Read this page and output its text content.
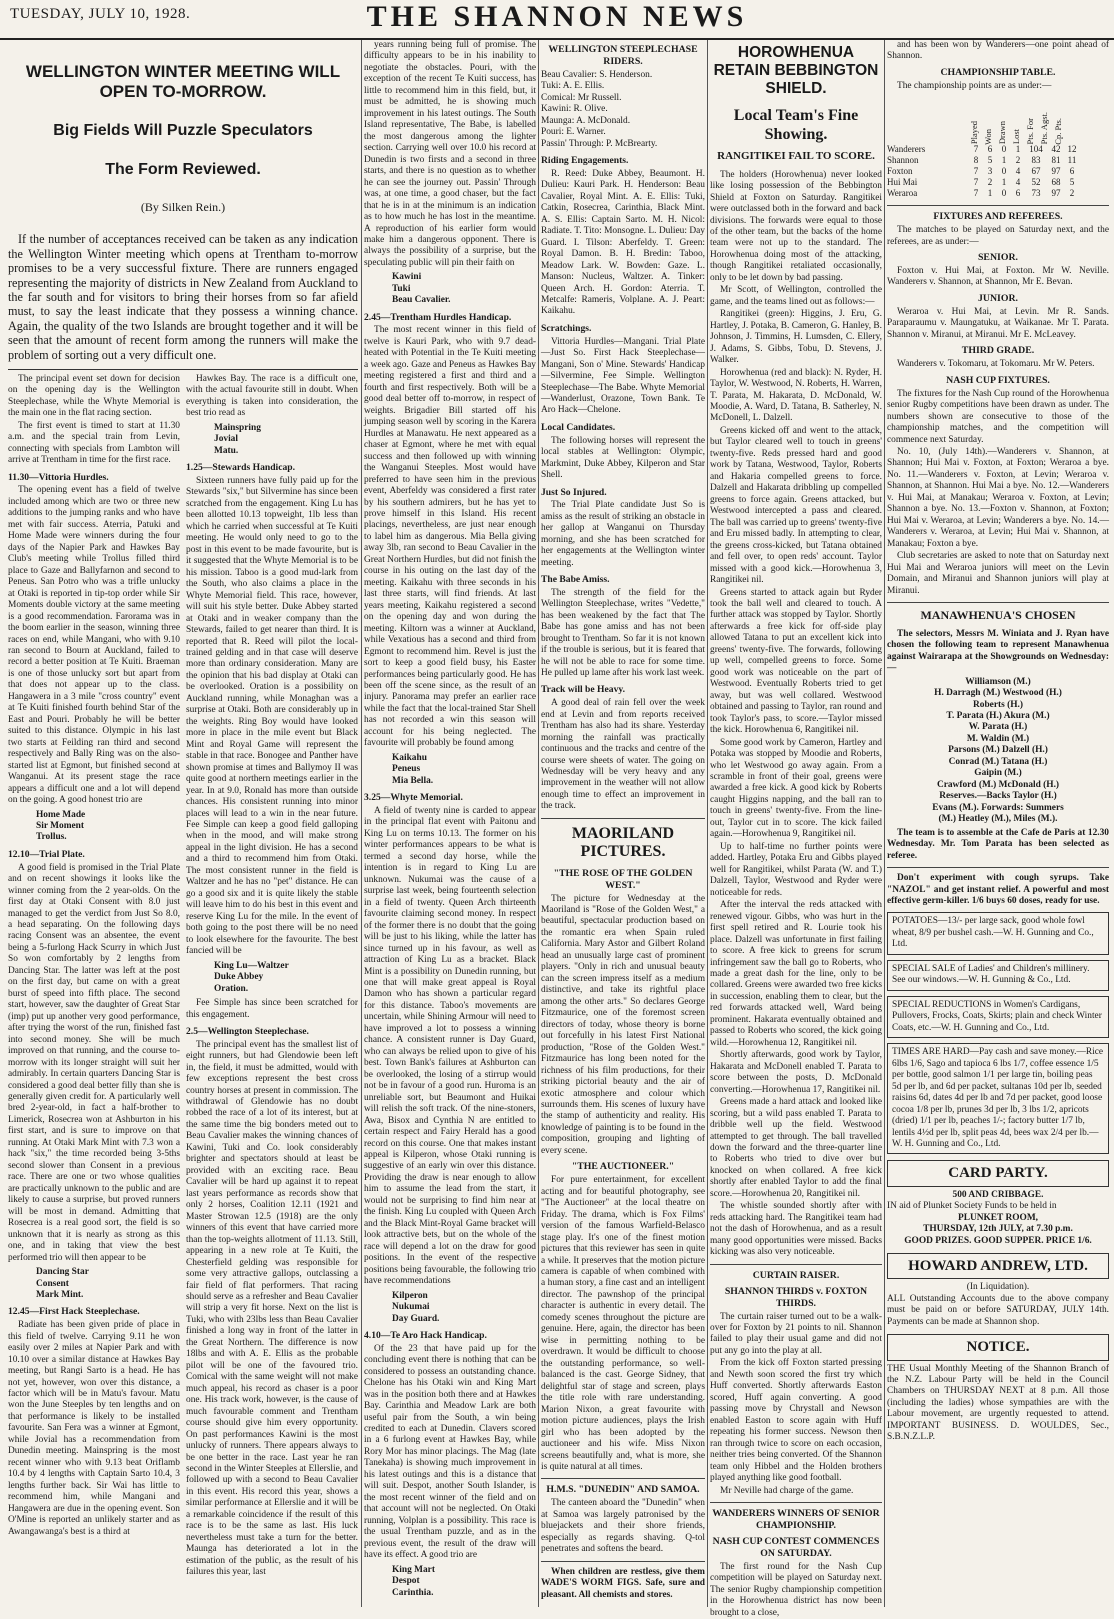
TUESDAY, JULY 10, 1928.	THE SHANNON NEWS
WELLINGTON WINTER MEETING WILL OPEN TO-MORROW.
Big Fields Will Puzzle Speculators
The Form Reviewed.
(By Silken Rein.)

If the number of acceptances received can be taken as any indication the Wellington Winter meeting which opens at Trentham to-morrow promises to be a very successful fixture. There are runners engaged representing the majority of districts in New Zealand from Auckland to the far south and for visitors to bring their horses from so far afield must, to say the least indicate that they possess a winning chance. Again, the quality of the two Islands are brought together and it will be seen that the amount of recent form among the runners will make the problem of sorting out a very difficult one.

The principal event set down for decision on the opening day is the Wellington Steeplechase, while the Whyte Memorial is the main one in the flat racing section.

The first event is timed to start at 11.30 a.m. and the special train from Levin, connecting with specials from Lambton will arrive at Trentham in time for the first race.

11.30—Vittoria Hurdles.

The opening event has a field of twelve included among which are two or three new additions to the jumping ranks and who have met with fair success. Aterria, Patuki and Home Made were winners during the four days of the Napier Park and Hawkes Bay Club's meeting while Trollus filled third place to Gaze and Ballyfarnon and second to Peneus. San Potro who was a trifle unlucky at Otaki is reported in tip-top order while Sir Moments double victory at the same meeting is a good recommendation. Farorama was in the boom earlier in the season, winning three races on end, while Mangani, who with 9.10 ran second to Bourn at Auckland, failed to record a better position at Te Kuiti. Braeman is one of those unlucky sort but apart from that does not appear up to the class. Hangawera in a 3 mile "cross country" event at Te Kuiti finished fourth behind Star of the East and Pouri. Probably he will be better suited to this distance. Olympic in his last two starts at Feilding ran third and second respectively and Bally Ring was on the also-started list at Egmont, but finished second at Wanganui. At its present stage the race appears a difficult one and a lot will depend on the going. A good honest trio are

Home Made
Sir Moment
Trollus.
12.10—Trial Plate.

A good field is promised in the Trial Plate and on recent showings it looks like the winner coming from the 2 year-olds. On the first day at Otaki Consent with 8.0 just managed to get the verdict from Just So 8.0, a head separating. On the following days racing Consent was an absentee, the event being a 5-furlong Hack Scurry in which Just So won comfortably by 2 lengths from Dancing Star. The latter was left at the post on the first day, but came on with a great burst of speed into fifth place. The second start, however, saw the daughter of Great Star (imp) put up another very good performance, after trying the worst of the run, finished fast into second money. She will be much improved on that running, and the course to-morrow with its longer straight will suit her admirably. In certain quarters Dancing Star is considered a good deal better filly than she is generally given credit for. A particularly well bred 2-year-old, in fact a half-brother to Limerick, Rosecrea won at Ashburton in his first start, and is sure to improve on that running. At Otaki Mark Mint with 7.3 won a hack "six," the time recorded being 3-5ths second slower than Consent in a previous race. There are one or two whose qualities are practically unknown to the public and are likely to cause a surprise, but proved runners will be most in demand. Admitting that Rosecrea is a real good sort, the field is so unknown that it is nearly as strong as this one, and in taking that view the best performed trio will then appear to be

Dancing Star
Consent
Mark Mint.
12.45—First Hack Steeplechase.

Radiate has been given pride of place in this field of twelve. Carrying 9.11 he won easily over 2 miles at Napier Park and with 10.10 over a similar distance at Hawkes Bay meeting, but Rangi Sarto is a head. He has not yet, however, won over this distance, a factor which will be in Matu's favour. Matu won the June Steeples by ten lengths and on that performance is likely to be installed favourite. San Fera was a winner at Egmont, while Jovial has a recommendation from Dunedin meeting. Mainspring is the most recent winner who with 9.13 beat Oriflamb 10.4 by 4 lengths with Captain Sarto 10.4, 3 lengths further back. Sir Wai has little to recommend him, while Mangani and Hangawera are due in the opening event. Son O'Mine is reported an unlikely starter and as Awangawanga's best is a third at

Hawkes Bay. The race is a difficult one, with the actual favourite still in doubt. When everything is taken into consideration, the best trio read as

Mainspring
Jovial
Matu.
1.25—Stewards Handicap.

Sixteen runners have fully paid up for the Stewards "six," but Silvermine has since been scratched from the engagement. King Lu has been allotted 10.13 topweight, 1lb less than which he carried when successful at Te Kuiti meeting. He would only need to go to the post in this event to be made favourite, but is it suggested that the Whyte Memorial is to be his mission. Taboo is a good mud-lark from the South, who also claims a place in the Whyte Memorial field. This race, however, will suit his style better. Duke Abbey started at Otaki and in weaker company than the Stewards, failed to get nearer than third. It is reported that R. Reed will pilot the local-trained gelding and in that case will deserve more than ordinary consideration. Many are the opinion that his bad display at Otaki can be overlooked. Oration is a possibility on Auckland running, while Monaghan was a surprise at Otaki. Both are considerably up in the weights. Ring Boy would have looked more in place in the mile event but Black Mint and Royal Game will represent the stable in that race. Bonogee and Panther have shown promise at times and Ballymoy II was quite good at northern meetings earlier in the year. In at 9.0, Ronald has more than outside chances. His consistent running into minor places will lead to a win in the near future. Fee Simple can keep a good field galloping when in the mood, and will make strong appeal in the light division. He has a second and a third to recommend him from Otaki. The most consistent runner in the field is Waltzer and he has no "pet" distance. He can go a good six and it is quite likely the stable will leave him to do his best in this event and reserve King Lu for the mile. In the event of both going to the post there will be no need to look elsewhere for the favourite. The best fancied will be

King Lu—Waltzer
Duke Abbey
Oration.

Fee Simple has since been scratched for this engagement.

2.5—Wellington Steeplechase.

The principal event has the smallest list of eight runners, but had Glendowie been left in, the field, it must be admitted, would with few exceptions represent the best cross country horses at present in commission. The withdrawal of Glendowie has no doubt robbed the race of a lot of its interest, but at the same time the big bonders meted out to Beau Cavalier makes the winning chances of Kawini, Tuki and Co. look considerably brighter and spectators should at least be provided with an exciting race. Beau Cavalier will be hard up against it to repeat last years performance as records show that only 2 horses, Coalition 12.11 (1921 and Master Strowan 12.5 (1918) are the only winners of this event that have carried more than the top-weights allotment of 11.13. Still, appearing in a new role at Te Kuiti, the Chesterfield gelding was responsible for some very attractive gallops, outclassing a fair field of flat performers. That racing should serve as a refresher and Beau Cavalier will strip a very fit horse. Next on the list is Tuki, who with 23lbs less than Beau Cavalier finished a long way in front of the latter in the Great Northern. The difference is now 18lbs and with A. E. Ellis as the probable pilot will be one of the favoured trio. Comical with the same weight will not make much appeal, his record as chaser is a poor one. His track work, however, is the cause of much favourable comment and Trentham course should give him every opportunity. On past performances Kawini is the most unlucky of runners. There appears always to be one better in the race. Last year he ran second in the Winter Steeples at Ellerslie, and followed up with a second to Beau Cavalier in this event. His record this year, shows a similar performance at Ellerslie and it will be a remarkable coincidence if the result of this race is to be the same as last. His luck nevertheless must take a turn for the better. Maunga has deteriorated a lot in the estimation of the public, as the result of his failures this year, last

years running being full of promise. The difficulty appears to be in his inability to negotiate the obstacles. Pouri, with the exception of the recent Te Kuiti success, has little to recommend him in this field, but, it must be admitted, he is showing much improvement in his latest outings. The South Island representative, The Babe, is labelled the most dangerous among the lighter section. Carrying well over 10.0 his record at Dunedin is two firsts and a second in three starts, and there is no question as to whether he can see the journey out. Passin' Through was, at one time, a good chaser, but the fact that he is in at the minimum is an indication as to how much he has lost in the meantime. A reproduction of his earlier form would make him a dangerous opponent. There is always the possibility of a surprise, but the speculating public will pin their faith on

Kawini
Tuki
Beau Cavalier.
2.45—Trentham Hurdles Handicap.

The most recent winner in this field of twelve is Kauri Park, who with 9.7 dead-heated with Potential in the Te Kuiti meeting a week ago. Gaze and Peneus as Hawkes Bay meeting registered a first and third and a fourth and first respectively. Both will be a good deal better off to-morrow, in respect of weights. Brigadier Bill started off his jumping season well by scoring in the Karera Hurdles at Manawatu. He next appeared as a chaser at Egmont, where he met with equal success and then followed up with winning the Wanganui Steeples. Most would have preferred to have seen him in the previous event, Aberfeldy was considered a first rater by his southern admirers, but he has yet to prove himself in this Island. His recent placings, nevertheless, are just near enough to label him as dangerous. Mia Bella giving away 3lb, ran second to Beau Cavalier in the Great Northern Hurdles, but did not finish the course in his outing on the last day of the meeting. Kaikahu with three seconds in his last three starts, will find friends. At last years meeting, Kaikahu registered a second on the opening day and won during the meeting. Kiltorn was a winner at Auckland, while Vexatious has a second and third from Egmont to recommend him. Revel is just the sort to keep a good field busy, his Easter performances being particularly good. He has been off the scene since, as the result of an injury. Panorama may prefer an earlier race while the fact that the local-trained Star Shell has not recorded a win this season will account for his being neglected. The favourite will probably be found among

Kaikahu
Peneus
Mia Bella.
3.25—Whyte Memorial.

A field of twenty nine is carded to appear in the principal flat event with Paitonu and King Lu on terms 10.13. The former on his winter performances appears to be what is termed a second day horse, while the intention is in regard to King Lu are unknown. Nukumai was the cause of a surprise last week, being fourteenth selection in a field of twenty. Queen Arch thirteenth favourite claiming second money. In respect of the former there is no doubt that the going will be just to his liking, while the latter has since turned up in his favour, as well as attraction of King Lu as a bracket. Black Mint is a possibility on Dunedin running, but one that will make great appeal is Royal Damon who has shown a particular regard for this distance. Taboo's movements are uncertain, while Shining Armour will need to have improved a lot to possess a winning chance. A consistent runner is Day Guard, who can always be relied upon to give of his best. Town Bank's failures at Ashburton can be overlooked, the losing of a stirrup would not be in favour of a good run. Huroma is an unreliable sort, but Beaumont and Huikai will relish the soft track. Of the nine-stoners, Awa, Bisox and Cynthia N are entitled to certain respect and Fairy Herald has a good record on this course. One that makes instant appeal is Kilperon, whose Otaki running is suggestive of an early win over this distance. Providing the draw is near enough to allow him to assume the lead from the start, it would not be surprising to find him near at the finish. King Lu coupled with Queen Arch and the Black Mint-Royal Game bracket will look attractive bets, but on the whole of the race will depend a lot on the draw for good positions. In the event of the respective positions being favourable, the following trio have recommendations

Kilperon
Nukumai
Day Guard.
4.10—Te Aro Hack Handicap.

Of the 23 that have paid up for the concluding event there is nothing that can be considered to possess an outstanding chance. Chelone has his Otaki win and King Mart was in the position both there and at Hawkes Bay. Carinthia and Meadow Lark are both useful pair from the South, a win being credited to each at Dunedin. Clavers scored in a 6 furlong event at Hawkes Bay, while Rory Mor has minor placings. The Mag (late Tanekaha) is showing much improvement in his latest outings and this is a distance that will suit. Despot, another South Islander, is the most recent winner of the field and on that account will not be neglected. On Otaki running, Volplan is a possibility. This race is the usual Trentham puzzle, and as in the previous event, the result of the draw will have its effect. A good trio are

King Mart
Despot
Carinthia.
WELLINGTON STEEPLECHASE RIDERS.
Beau Cavalier: S. Henderson.
Tuki: A. E. Ellis.
Comical: Mr Russell.
Kawini: R. Olive.
Maunga: A. McDonald.
Pouri: E. Warner.
Passin' Through: P. McBrearty.
Riding Engagements.

R. Reed: Duke Abbey, Beaumont. H. Dulieu: Kauri Park. H. Henderson: Beau Cavalier, Royal Mint. A. E. Ellis: Tuki, Catkin, Rosecrea, Carinthia, Black Mint. A. S. Ellis: Captain Sarto. M. H. Nicol: Radiate. T. Tito: Monsogne. L. Dulieu: Day Guard. I. Tilson: Aberfeldy. T. Green: Royal Damon. B. H. Bredin: Taboo, Meadow Lark. W. Bowden: Gaze. L. Manson: Nucleus, Waltzer. A. Tinker: Queen Arch. H. Gordon: Aterria. T. Metcalfe: Rameris, Volplane. A. J. Peart: Kaikahu.

Scratchings.

Vittoria Hurdles—Mangani. Trial Plate—Just So. First Hack Steeplechase—Mangani, Son o' Mine. Stewards' Handicap—Silvermine, Fee Simple. Wellington Steeplechase—The Babe. Whyte Memorial—Wanderlust, Orazone, Town Bank. Te Aro Hack—Chelone.

Local Candidates.

The following horses will represent the local stables at Wellington: Olympic, Markmint, Duke Abbey, Kilperon and Star Shell.

Just So Injured.

The Trial Plate candidate Just So is amiss as the result of striking an obstacle in her gallop at Wanganui on Thursday morning, and she has been scratched for her engagements at the Wellington winter meeting.

The Babe Amiss.

The strength of the field for the Wellington Steeplechase, writes "Vedette," has been weakened by the fact that The Babe has gone amiss and has not been brought to Trentham. So far it is not known if the trouble is serious, but it is feared that he will not be able to race for some time. He pulled up lame after his work last week.

Track will be Heavy.

A good deal of rain fell over the week end at Levin and from reports received Trentham has also had its share. Yesterday morning the rainfall was practically continuous and the tracks and centre of the course were sheets of water. The going on Wednesday will be very heavy and any improvement in the weather will not allow enough time to effect an improvement in the track.

MAORILAND PICTURES.
"THE ROSE OF THE GOLDEN WEST."

The picture for Wednesday at the Maoriland is "Rose of the Golden West," a beautiful, spectacular production based on the romantic era when Spain ruled California. Mary Astor and Gilbert Roland head an unusually large cast of prominent players. "Only in rich and unusual beauty can the screen impress itself as a medium distinctive, and take its rightful place among the other arts." So declares George Fitzmaurice, one of the foremost screen directors of today, whose theory is borne out forcefully in his latest First National production, "Rose of the Golden West." Fitzmaurice has long been noted for the richness of his film productions, for their striking pictorial beauty and the air of exotic atmosphere and colour which surrounds them. His scenes of luxury have the stamp of authenticity and reality. His knowledge of painting is to be found in the composition, grouping and lighting of every scene.

"THE AUCTIONEER."

For pure entertainment, for excellent acting and for beautiful photography, see "The Auctioneer" at the local theatre on Friday. The drama, which is Fox Films' version of the famous Warfield-Belasco stage play. It's one of the finest motion pictures that this reviewer has seen in quite a while. It preserves that the motion picture camera is capable of when combined with a human story, a fine cast and an intelligent director. The pawnshop of the principal character is authentic in every detail. The comedy scenes throughout the picture are genuine. Here, again, the director has been wise in permitting nothing to be overdrawn. It would be difficult to choose the outstanding performance, so well-balanced is the cast. George Sidney, that delightful star of stage and screen, plays the title role with rare understanding. Marion Nixon, a great favourite with motion picture audiences, plays the Irish girl who has been adopted by the auctioneer and his wife. Miss Nixon screens beautifully and, what is more, she is quite natural at all times.

H.M.S. "DUNEDIN" AND SAMOA.

The canteen aboard the "Dunedin" when at Samoa was largely patronised by the bluejackets and their shore friends, especially as regards shaving. Q-tol penetrates and softens the beard.

When children are restless, give them WADE'S WORM FIGS. Safe, sure and pleasant. All chemists and stores.

HOROWHENUA RETAIN BEBBINGTON SHIELD.
Local Team's Fine Showing.
RANGITIKEI FAIL TO SCORE.

The holders (Horowhenua) never looked like losing possession of the Bebbington Shield at Foxton on Saturday. Rangitikei were outclassed both in the forward and back divisions. The forwards were equal to those of the other team, but the backs of the home team were not up to the standard. The Horowhenua doing most of the attacking, though Rangitikei retaliated occasionally, only to be let down by bad passing.

Mr Scott, of Wellington, controlled the game, and the teams lined out as follows:—

Rangitikei (green): Higgins, J. Eru, G. Hartley, J. Potaka, B. Cameron, G. Hanley, B. Johnson, J. Timmins, H. Lumsden, C. Ellery, J. Adams, S. Gibbs, Tobu, D. Stevens, J. Walker.

Horowhenua (red and black): N. Ryder, H. Taylor, W. Westwood, N. Roberts, H. Warren, T. Parata, M. Hakarata, D. McDonald, W. Moodie, A. Ward, D. Tatana, B. Satherley, N. McDonell, L. Dalzell.

Greens kicked off and went to the attack, but Taylor cleared well to touch in greens' twenty-five. Reds pressed hard and good work by Tatana, Westwood, Taylor, Roberts and Hakaria compelled greens to force. Dalzell and Hakarata dribbling up compelled greens to force again. Greens attacked, but Westwood intercepted a pass and cleared. The ball was carried up to greens' twenty-five and Eru missed badly. In attempting to clear, the greens cross-kicked, but Tatana obtained and fell over, to open reds' account. Taylor missed with a good kick.—Horowhenua 3, Rangitikei nil.

Greens started to attack again but Ryder took the ball well and cleared to touch. A further attack was stopped by Taylor. Shortly afterwards a free kick for off-side play allowed Tatana to put an excellent kick into greens' twenty-five. The forwards, following up well, compelled greens to force. Some good work was noticeable on the part of Westwood. Eventually Roberts tried to get away, but was well collared. Westwood obtained and passing to Taylor, ran round and took Taylor's pass, to score.—Taylor missed the kick. Horowhenua 6, Rangitikei nil.

Some good work by Cameron, Hartley and Potaka was stopped by Moodie and Roberts, who let Westwood go away again. From a scramble in front of their goal, greens were awarded a free kick. A good kick by Roberts caught Higgins napping, and the ball ran to touch in greens' twenty-five. From the line-out, Taylor cut in to score. The kick failed again.—Horowhenua 9, Rangitikei nil.

Up to half-time no further points were added. Hartley, Potaka Eru and Gibbs played well for Rangitikei, whilst Parata (W. and T.) Dalzell, Taylor, Westwood and Ryder were noticeable for reds.

After the interval the reds attacked with renewed vigour. Gibbs, who was hurt in the first spell retired and R. Lourie took his place. Dalzell was unfortunate in first failing to score. A free kick to greens for scrum infringement saw the ball go to Roberts, who made a great dash for the line, only to be collared. Greens were awarded two free kicks in succession, enabling them to clear, but the red forwards attacked well, Ward being prominent. Hakarata eventually obtained and passed to Roberts who scored, the kick going wild.—Horowhenua 12, Rangitikei nil.

Shortly afterwards, good work by Taylor, Hakarata and McDonell enabled T. Parata to score between the posts, D. McDonald converting.—Horowhenua 17, Rangitikei nil.

Greens made a hard attack and looked like scoring, but a wild pass enabled T. Parata to dribble well up the field. Westwood attempted to get through. The ball travelled down the forward and the three-quarter line to Roberts who tried to dive over but knocked on when collared. A free kick shortly after enabled Taylor to add the final score.—Horowhenua 20, Rangitikei nil.

The whistle sounded shortly after with reds attacking hard. The Rangitikei team had not the dash of Horowhenua, and as a result many good opportunities were missed. Backs kicking was also very noticeable.

CURTAIN RAISER.
SHANNON THIRDS v. FOXTON THIRDS.

The curtain raiser turned out to be a walk-over for Foxton by 21 points to nil. Shannon failed to play their usual game and did not put any go into the play at all.

From the kick off Foxton started pressing and Newth soon scored the first try which Huff converted. Shortly afterwards Easton scored, Huff again converting. A good passing move by Chrystall and Newson enabled Easton to score again with Huff repeating his former success. Newson then ran through twice to score on each occasion, neither tries being converted. Of the Shannon team only Hibbel and the Holden brothers played anything like good football.

Mr Neville had charge of the game.

WANDERERS WINNERS OF SENIOR CHAMPIONSHIP.
NASH CUP CONTEST COMMENCES ON SATURDAY.

The first round for the Nash Cup competition will be played on Saturday next. The senior Rugby championship competition in the Horowhenua district has now been brought to a close,

and has been won by Wanderers—one point ahead of Shannon.

CHAMPIONSHIP TABLE.

The championship points are as under:—

Played Won Drawn Lost Pts. For Pts. Agst. Cp. Pts.
Wanderers	7	6	0	1	104 42 12
Shannon	8	5	1	2	83	81 11
Foxton	7	3	0	4	67	97	6
Hui Mai	7	2	1	4	52	68	5
Weraroa	7	1	0	6	73	97	2
FIXTURES AND REFEREES.

The matches to be played on Saturday next, and the referees, are as under:—

SENIOR.

Foxton v. Hui Mai, at Foxton. Mr W. Neville. Wanderers v. Shannon, at Shannon, Mr E. Bevan.

JUNIOR.

Weraroa v. Hui Mai, at Levin. Mr R. Sands. Paraparaumu v. Maungatuku, at Waikanae. Mr T. Parata. Shannon v. Miranui, at Miranui. Mr E. McLeavey.

THIRD GRADE.

Wanderers v. Tokomaru, at Tokomaru. Mr W. Peters.

NASH CUP FIXTURES.

The fixtures for the Nash Cup round of the Horowhenua senior Rugby competitions have been drawn as under. The numbers shown are consecutive to those of the championship matches, and the competition will commence next Saturday.

No. 10, (July 14th).—Wanderers v. Shannon, at Shannon; Hui Mai v. Foxton, at Foxton; Weraroa a bye. No. 11.—Wanderers v. Foxton, at Levin; Weraroa v. Shannon, at Shannon. Hui Mai a bye. No. 12.—Wanderers v. Hui Mai, at Manakau; Weraroa v. Foxton, at Levin; Shannon a bye. No. 13.—Foxton v. Shannon, at Foxton; Hui Mai v. Weraroa, at Levin; Wanderers a bye. No. 14.—Wanderers v. Weraroa, at Levin; Hui Mai v. Shannon, at Manakau; Foxton a bye.

Club secretaries are asked to note that on Saturday next Hui Mai and Weraroa juniors will meet on the Levin Domain, and Miranui and Shannon juniors will play at Miranui.

MANAWHENUA'S CHOSEN

The selectors, Messrs M. Winiata and J. Ryan have chosen the following team to represent Manawhenua against Wairarapa at the Showgrounds on Wednesday:—

Williamson (M.)
H. Darragh (M.) Westwood (H.)
Roberts (H.)
T. Parata (H.) Akura (M.)
W. Parata (H.)
M. Waldin (M.)
Parsons (M.) Dalzell (H.)
Conrad (M.) Tatana (H.)
Gaipin (M.)
Crawford (M.) McDonald (H.)
Reserves.—Backs Taylor (H.)
Evans (M.). Forwards: Summers
(M.) Heatley (M.), Miles (M.).

The team is to assemble at the Cafe de Paris at 12.30 Wednesday. Mr. Tom Parata has been selected as referee.

Don't experiment with cough syrups. Take "NAZOL" and get instant relief. A powerful and most effective germ-killer. 1/6 buys 60 doses, ready for use.

POTATOES—13/- per large sack, good whole fowl wheat, 8/9 per bushel cash.—W. H. Gunning and Co., Ltd.
SPECIAL SALE of Ladies' and Children's millinery. See our windows.—W. H. Gunning & Co., Ltd.
SPECIAL REDUCTIONS in Women's Cardigans, Pullovers, Frocks, Coats, Skirts; plain and check Winter Coats, etc.—W. H. Gunning and Co., Ltd.
TIMES ARE HARD—Pay cash and save money.—Rice 6lbs 1/6, Sago and tapioca 6 lbs 1/7, coffee essence 1/5 per bottle, good salmon 1/1 per large tin, boiling peas 5d per lb, and 6d per packet, sultanas 10d per lb, seeded raisins 6d, dates 4d per lb and 7d per packet, good loose cocoa 1/8 per lb, prunes 3d per lb, 3 lbs 1/2, apricots (dried) 1/1 per lb, peaches 1/-; factory butter 1/7 lb, lentils 4½d per lb, split peas 4d, bees wax 2/4 per lb.—W. H. Gunning and Co., Ltd.
CARD PARTY.
500 AND CRIBBAGE.
IN aid of Plunket Society Funds to be held in
PLUNKET ROOM,
THURSDAY, 12th JULY, at 7.30 p.m.
GOOD PRIZES. GOOD SUPPER. PRICE 1/6.
HOWARD ANDREW, LTD.
(In Liquidation).
ALL Outstanding Accounts due to the above company must be paid on or before SATURDAY, JULY 14th. Payments can be made at Shannon shop.
NOTICE.
THE Usual Monthly Meeting of the Shannon Branch of the N.Z. Labour Party will be held in the Council Chambers on THURSDAY NEXT at 8 p.m. All those (including the ladies) whose sympathies are with the Labour movement, are urgently requested to attend. IMPORTANT BUSINESS. D. WOULDES, Sec., S.B.N.Z.L.P.
